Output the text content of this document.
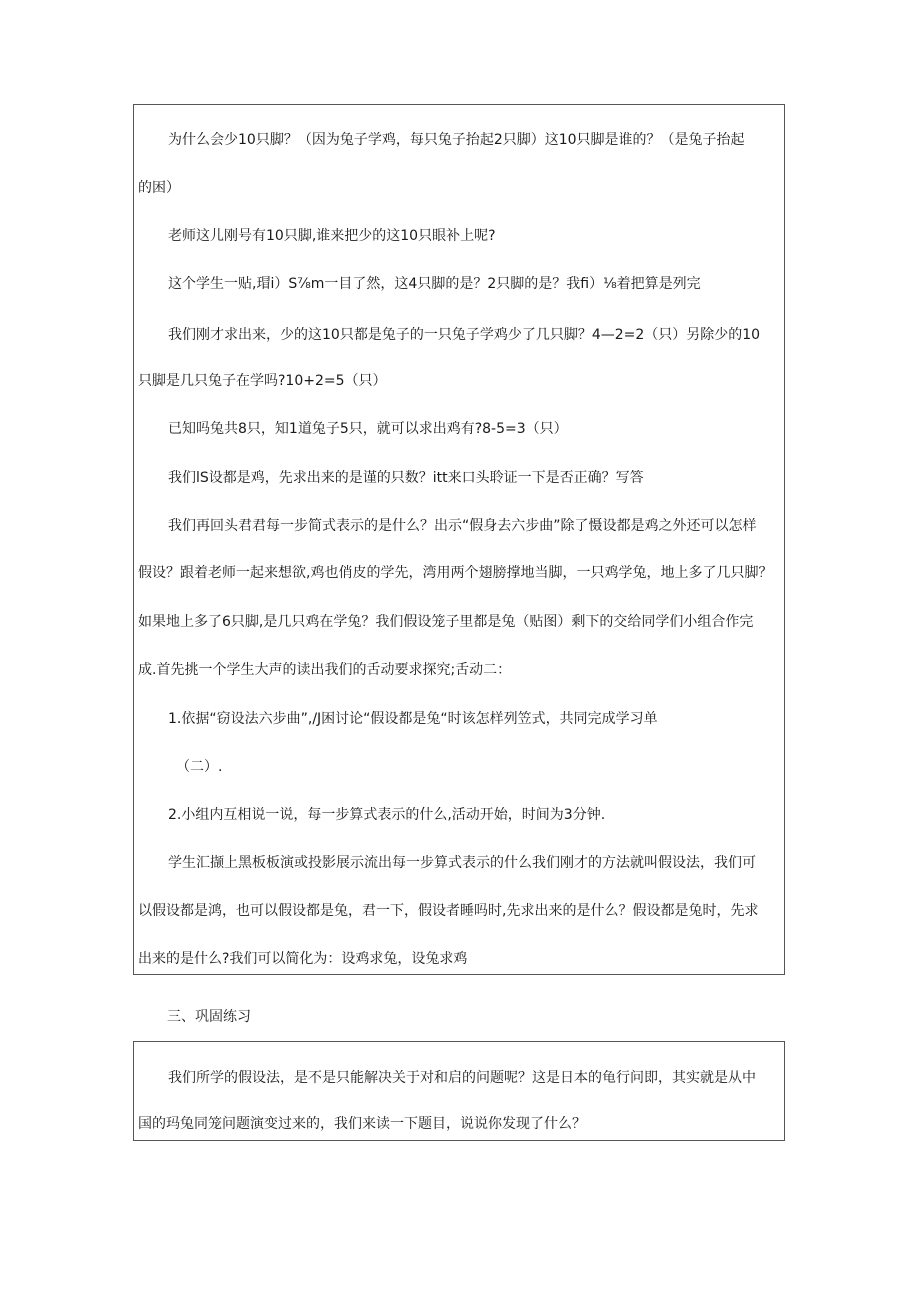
为什么会少10只脚？（因为兔子学鸡，每只兔子抬起2只脚）这10只脚是谁的？（是兔子抬起
的困）
老师这儿刚号有10只脚,谁来把少的这10只眼补上呢?
这个学生一贴,瑁i）S⅞m一目了然，这4只脚的是？2只脚的是？我fi）⅛着把算是列完
我们刚才求出来，少的这10只都是兔子的一只兔子学鸡少了几只脚？4—2=2（只）另除少的10
只脚是几只兔子在学吗?10+2=5（只）
已知吗兔共8只，知1道兔子5只，就可以求出鸡有?8-5=3（只）
我们lS设都是鸡，先求出来的是谨的只数？itt来口头聆证一下是否正确？写答
我们再回头君君每一步简式表示的是什么？出示“假身去六步曲”除了慑设都是鸡之外还可以怎样
假设？跟着老师一起来想欲,鸡也俏皮的学先，湾用两个翅膀撑地当脚，一只鸡学兔，地上多了几只脚？
如果地上多了6只脚,是几只鸡在学兔？我们假设笼子里都是兔（贴图）剩下的交给同学们小组合作完
成.首先挑一个学生大声的读出我们的舌动要求探究;舌动二：
1.依据“窃设法六步曲”,/J困讨论“假设都是兔“时该怎样列笠式，共同完成学习单
（二）.
2.小组内互相说一说，每一步算式表示的什么,活动开始，时间为3分钟.
学生汇撷上黑板板演或投影展示流出每一步算式表示的什么我们刚才的方法就叫假设法，我们可
以假设都是鸿，也可以假设都是兔，君一下，假设者睡吗时,先求出来的是什么？假设都是兔时，先求
出来的是什么?我们可以简化为：设鸡求兔，设兔求鸡
三、巩固练习
我们所学的假设法，是不是只能解决关于对和启的问题呢？这是日本的龟行问即，其实就是从中
国的玛兔同笼问题演变过来的，我们来读一下题目，说说你发现了什么？
